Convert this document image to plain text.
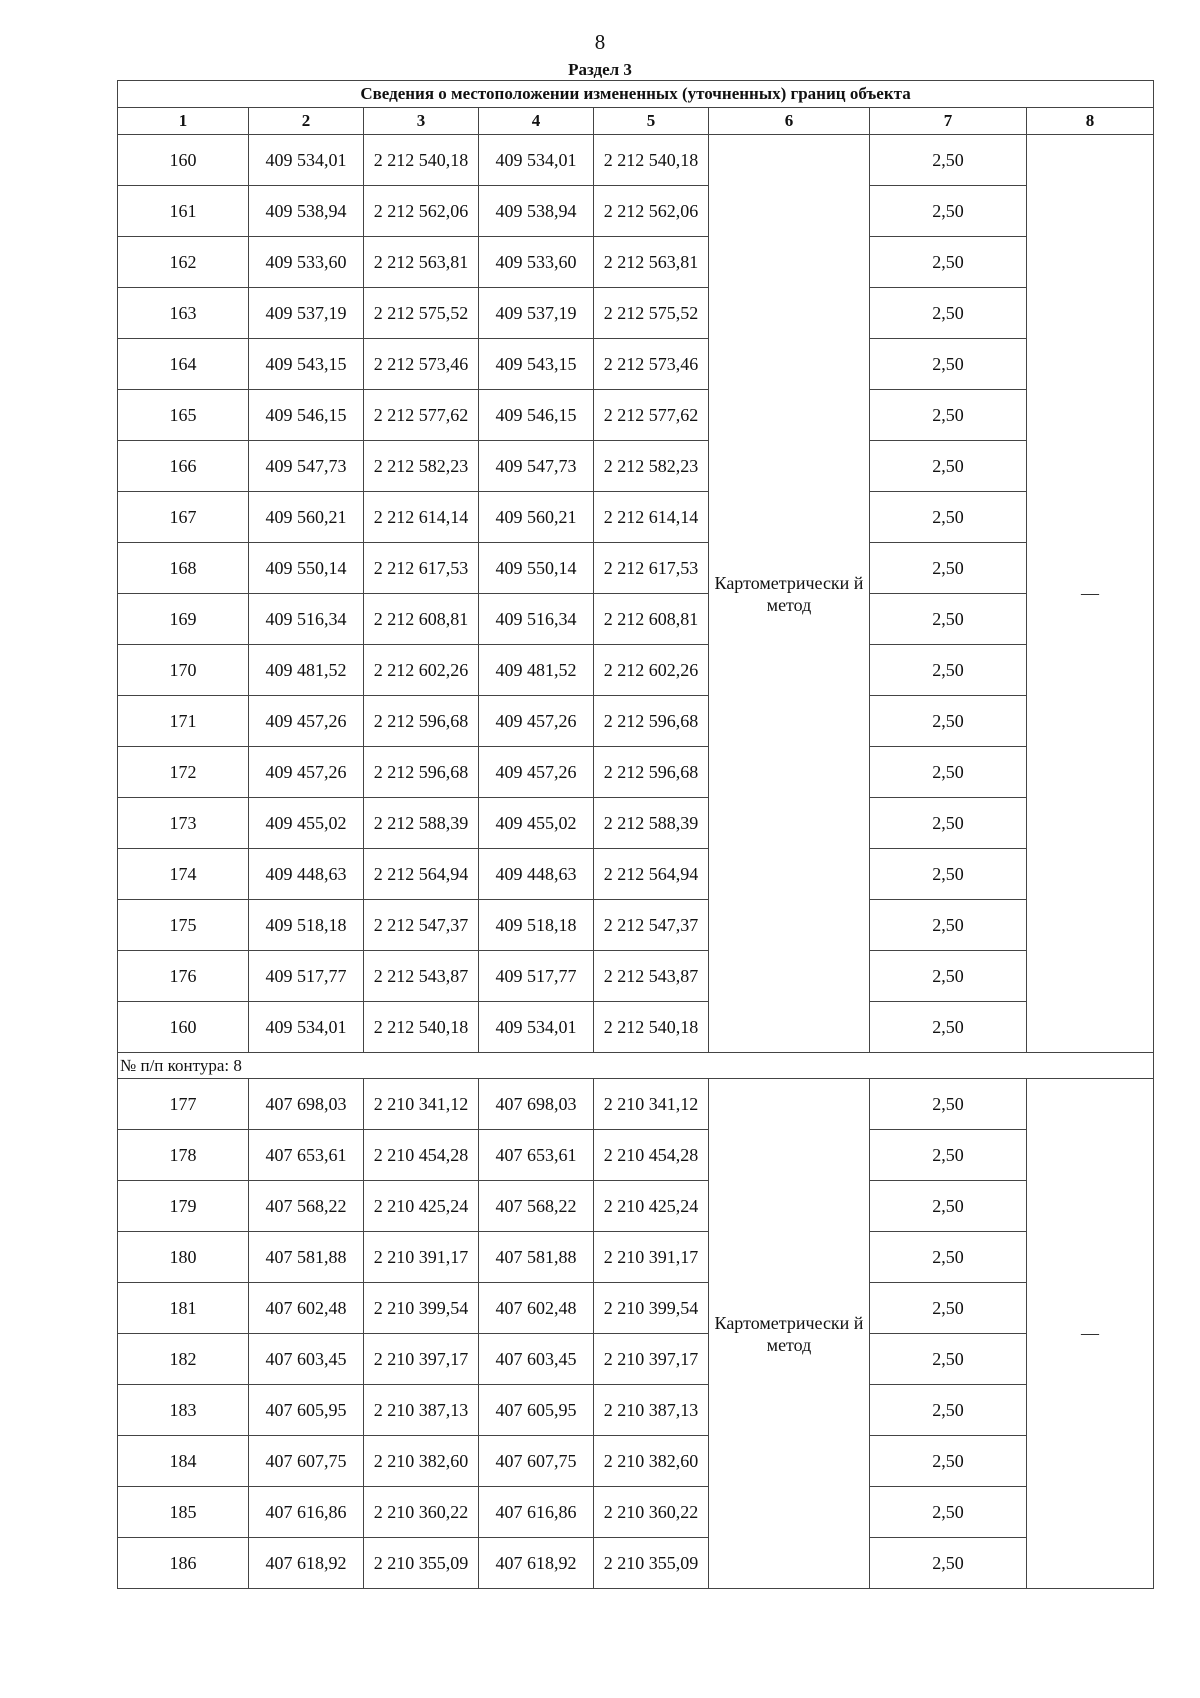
8
Раздел 3
Сведения о местоположении измененных (уточненных) границ объекта							
1	2	3	4	5	6	7	8
160	409 534,01	2 212 540,18	409 534,01	2 212 540,18	Картометрически й метод	2,50	—
161	409 538,94	2 212 562,06	409 538,94	2 212 562,06		2,50	
162	409 533,60	2 212 563,81	409 533,60	2 212 563,81		2,50	
163	409 537,19	2 212 575,52	409 537,19	2 212 575,52		2,50	
164	409 543,15	2 212 573,46	409 543,15	2 212 573,46		2,50	
165	409 546,15	2 212 577,62	409 546,15	2 212 577,62		2,50	
166	409 547,73	2 212 582,23	409 547,73	2 212 582,23		2,50	
167	409 560,21	2 212 614,14	409 560,21	2 212 614,14		2,50	
168	409 550,14	2 212 617,53	409 550,14	2 212 617,53		2,50	
169	409 516,34	2 212 608,81	409 516,34	2 212 608,81		2,50	
170	409 481,52	2 212 602,26	409 481,52	2 212 602,26		2,50	
171	409 457,26	2 212 596,68	409 457,26	2 212 596,68		2,50	
172	409 457,26	2 212 596,68	409 457,26	2 212 596,68		2,50	
173	409 455,02	2 212 588,39	409 455,02	2 212 588,39		2,50	
174	409 448,63	2 212 564,94	409 448,63	2 212 564,94		2,50	
175	409 518,18	2 212 547,37	409 518,18	2 212 547,37		2,50	
176	409 517,77	2 212 543,87	409 517,77	2 212 543,87		2,50	
160	409 534,01	2 212 540,18	409 534,01	2 212 540,18		2,50	
№ п/п контура: 8							
177	407 698,03	2 210 341,12	407 698,03	2 210 341,12	Картометрически й метод	2,50	—
178	407 653,61	2 210 454,28	407 653,61	2 210 454,28		2,50	
179	407 568,22	2 210 425,24	407 568,22	2 210 425,24		2,50	
180	407 581,88	2 210 391,17	407 581,88	2 210 391,17		2,50	
181	407 602,48	2 210 399,54	407 602,48	2 210 399,54		2,50	
182	407 603,45	2 210 397,17	407 603,45	2 210 397,17		2,50	
183	407 605,95	2 210 387,13	407 605,95	2 210 387,13		2,50	
184	407 607,75	2 210 382,60	407 607,75	2 210 382,60		2,50	
185	407 616,86	2 210 360,22	407 616,86	2 210 360,22		2,50	
186	407 618,92	2 210 355,09	407 618,92	2 210 355,09		2,50	
